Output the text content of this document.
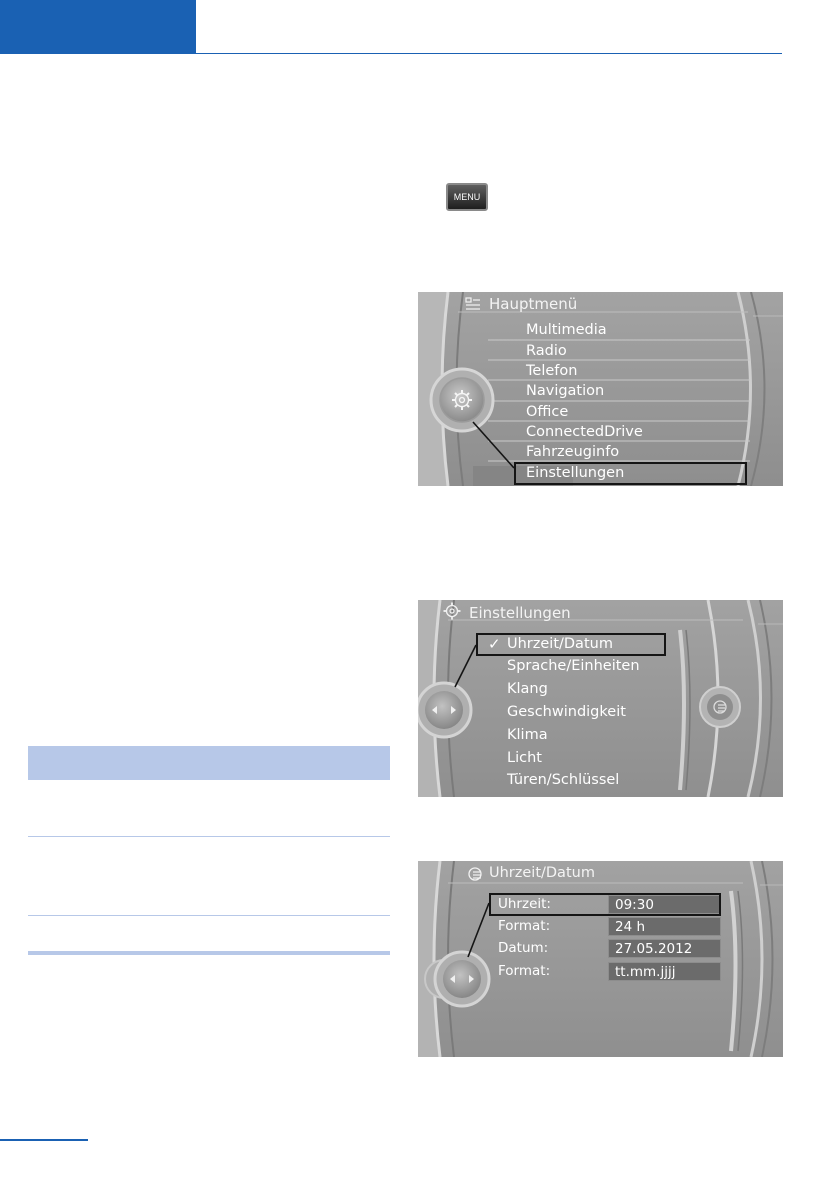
MENU
Hauptmenü
Multimedia
Radio
Telefon
Navigation
Office
ConnectedDrive
Fahrzeuginfo
Einstellungen
Einstellungen
✓ Uhrzeit/Datum
Sprache/Einheiten
Klang
Geschwindigkeit
Klima
Licht
Türen/Schlüssel
Uhrzeit/Datum
Uhrzeit:	09:30
Format:	24 h
Datum:	27.05.2012
Format:	tt.mm.jjjj
